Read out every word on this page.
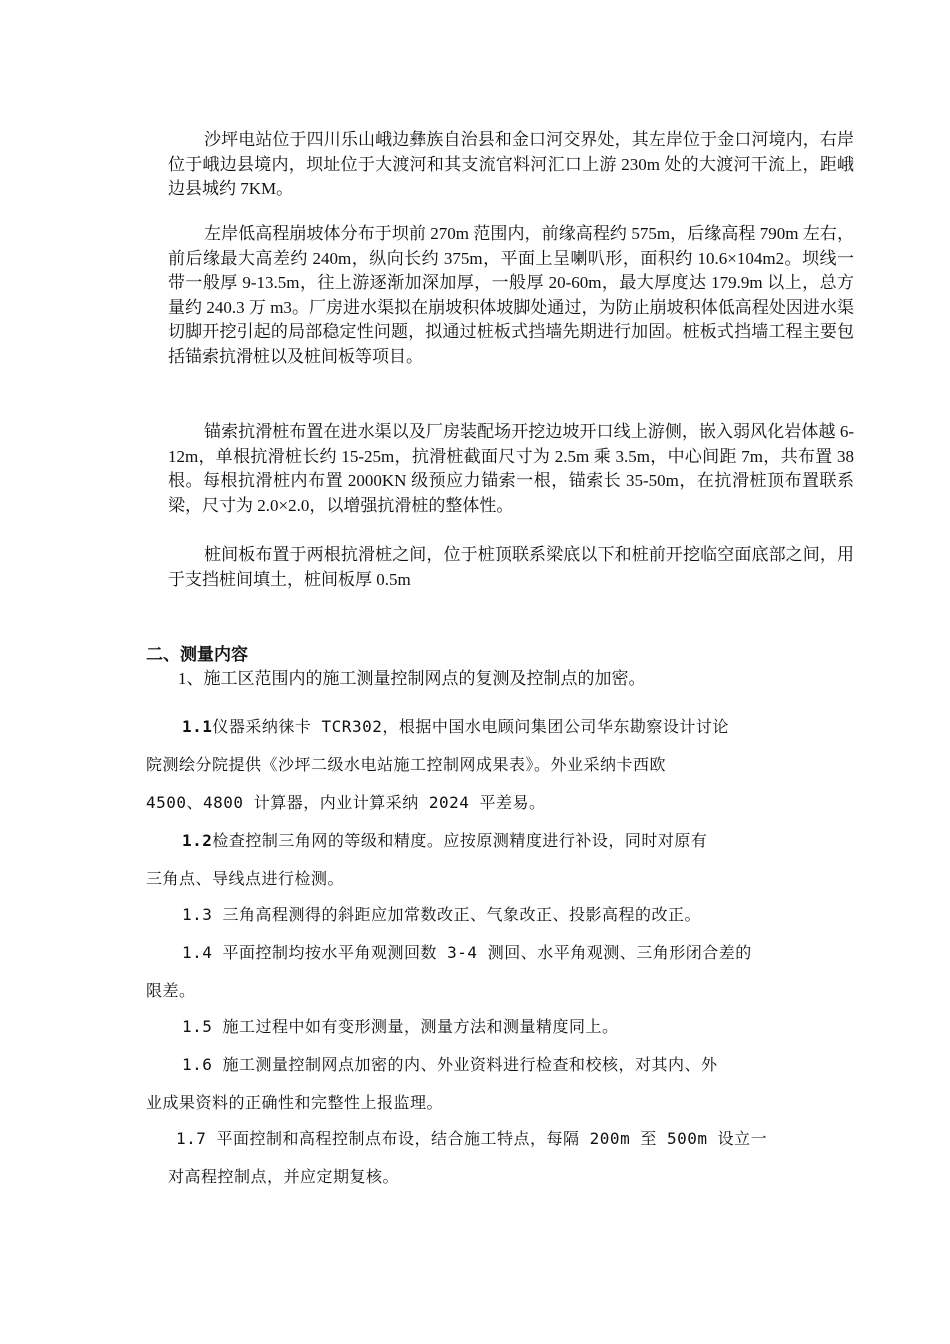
沙坪电站位于四川乐山峨边彝族自治县和金口河交界处，其左岸位于金口河境内，右岸位于峨边县境内，坝址位于大渡河和其支流官料河汇口上游 230m 处的大渡河干流上，距峨边县城约 7KM。

左岸低高程崩坡体分布于坝前 270m 范围内，前缘高程约 575m，后缘高程 790m 左右，前后缘最大高差约 240m，纵向长约 375m，平面上呈喇叭形，面积约 10.6×104m2。坝线一带一般厚 9-13.5m，往上游逐渐加深加厚，一般厚 20-60m，最大厚度达 179.9m 以上，总方量约 240.3 万 m3。厂房进水渠拟在崩坡积体坡脚处通过，为防止崩坡积体低高程处因进水渠切脚开挖引起的局部稳定性问题，拟通过桩板式挡墙先期进行加固。桩板式挡墙工程主要包括锚索抗滑桩以及桩间板等项目。

锚索抗滑桩布置在进水渠以及厂房装配场开挖边坡开口线上游侧，嵌入弱风化岩体越 6-12m，单根抗滑桩长约 15-25m，抗滑桩截面尺寸为 2.5m 乘 3.5m，中心间距 7m，共布置 38 根。每根抗滑桩内布置 2000KN 级预应力锚索一根，锚索长 35-50m，在抗滑桩顶布置联系梁，尺寸为 2.0×2.0，以增强抗滑桩的整体性。

桩间板布置于两根抗滑桩之间，位于桩顶联系梁底以下和桩前开挖临空面底部之间，用于支挡桩间填土，桩间板厚 0.5m

二、测量内容

1、施工区范围内的施工测量控制网点的复测及控制点的加密。

1.1仪器采纳徕卡 TCR302，根据中国水电顾问集团公司华东勘察设计讨论

院测绘分院提供《沙坪二级水电站施工控制网成果表》。外业采纳卡西欧

4500、4800 计算器，内业计算采纳 2024 平差易。

1.2检查控制三角网的等级和精度。应按原测精度进行补设，同时对原有

三角点、导线点进行检测。

1.3 三角高程测得的斜距应加常数改正、气象改正、投影高程的改正。

1.4 平面控制均按水平角观测回数 3-4 测回、水平角观测、三角形闭合差的

限差。

1.5 施工过程中如有变形测量，测量方法和测量精度同上。

1.6 施工测量控制网点加密的内、外业资料进行检查和校核，对其内、外

业成果资料的正确性和完整性上报监理。

1.7 平面控制和高程控制点布设，结合施工特点，每隔 200m 至 500m 设立一

对高程控制点，并应定期复核。
